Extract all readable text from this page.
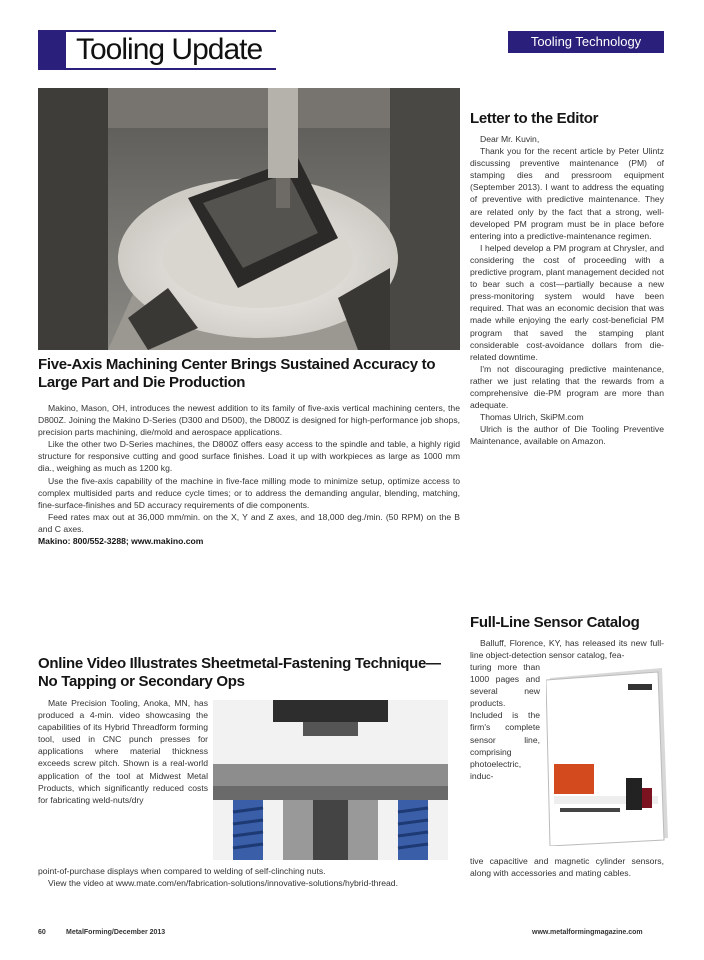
Tooling Update	Tooling Technology
Five-Axis Machining Center Brings Sustained Accuracy to Large Part and Die Production

Makino, Mason, OH, introduces the newest addition to its family of five-axis vertical machining centers, the D800Z. Joining the Makino D-Series (D300 and D500), the D800Z is designed for high-performance job shops, precision parts machining, die/mold and aerospace applications.

Like the other two D-Series machines, the D800Z offers easy access to the spindle and table, a highly rigid structure for responsive cutting and good surface finishes. Load it up with workpieces as large as 1000 mm dia., weighing as much as 1200 kg.

Use the five-axis capability of the machine in five-face milling mode to minimize setup, optimize access to complex multisided parts and reduce cycle times; or to address the demanding angular, blending, matching, fine-surface-finishes and 5D accuracy requirements of die components.

Feed rates max out at 36,000 mm/min. on the X, Y and Z axes, and 18,000 deg./min. (50 RPM) on the B and C axes.

Makino: 800/552-3288; www.makino.com

Online Video Illustrates Sheetmetal-Fastening Technique—No Tapping or Secondary Ops

Mate Precision Tooling, Anoka, MN, has produced a 4-min. video showcasing the capabilities of its Hybrid Threadform forming tool, used in CNC punch presses for applications where material thickness exceeds screw pitch. Shown is a real-world application of the tool at Midwest Metal Products, which significantly reduced costs for fabricating weld-nuts/dry

point-of-purchase displays when compared to welding of self-clinching nuts.

View the video at www.mate.com/en/fabrication-solutions/innovative-solutions/hybrid-thread.

Letter to the Editor

Dear Mr. Kuvin,

Thank you for the recent article by Peter Ulintz discussing preventive maintenance (PM) of stamping dies and pressroom equipment (September 2013). I want to address the equating of preventive with predictive maintenance. They are related only by the fact that a strong, well-developed PM program must be in place before entering into a predictive-maintenance regimen.

I helped develop a PM program at Chrysler, and considering the cost of proceeding with a predictive program, plant management decided not to bear such a cost—partially because a new press-monitoring system would have been required. That was an economic decision that was made while enjoying the early cost-beneficial PM program that saved the stamping plant considerable cost-avoidance dollars from die-related downtime.

I'm not discouraging predictive maintenance, rather we just relating that the rewards from a comprehensive die-PM program are more than adequate.

Thomas Ulrich, SkiPM.com

Ulrich is the author of Die Tooling Preventive Maintenance, available on Amazon.

Full-Line Sensor Catalog

Balluff, Florence, KY, has released its new full-line object-detection sensor catalog, fea-

turing more than 1000 pages and several new products. Included is the firm's complete sensor line, comprising photoelectric, induc-

tive capacitive and magnetic cylinder sensors, along with accessories and mating cables.

60	MetalForming/December 2013	www.metalformingmagazine.com
